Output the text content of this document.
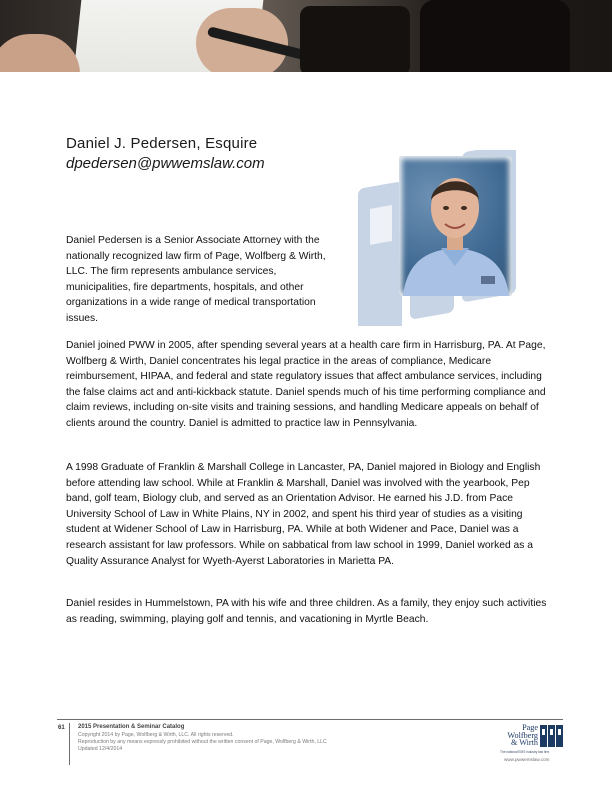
Daniel J. Pedersen, Esquire
dpedersen@pwwemslaw.com

Daniel Pedersen is a Senior Associate Attorney with the nationally recognized law firm of Page, Wolfberg & Wirth, LLC. The firm represents ambulance services, municipalities, fire departments, hospitals, and other organizations in a wide range of medical transportation issues.

Daniel joined PWW in 2005, after spending several years at a health care firm in Harrisburg, PA. At Page, Wolfberg & Wirth, Daniel concentrates his legal practice in the areas of compliance, Medicare reimbursement, HIPAA, and federal and state regulatory issues that affect ambulance services, including the false claims act and anti-kickback statute. Daniel spends much of his time performing compliance and claim reviews, including on-site visits and training sessions, and handling Medicare appeals on behalf of clients around the country. Daniel is admitted to practice law in Pennsylvania.

A 1998 Graduate of Franklin & Marshall College in Lancaster, PA, Daniel majored in Biology and English before attending law school. While at Franklin & Marshall, Daniel was involved with the yearbook, Pep band, golf team, Biology club, and served as an Orientation Advisor. He earned his J.D. from Pace University School of Law in White Plains, NY in 2002, and spent his third year of studies as a visiting student at Widener School of Law in Harrisburg, PA. While at both Widener and Pace, Daniel was a research assistant for law professors. While on sabbatical from law school in 1999, Daniel worked as a Quality Assurance Analyst for Wyeth-Ayerst Laboratories in Marietta PA.

Daniel resides in Hummelstown, PA with his wife and three children. As a family, they enjoy such activities as reading, swimming, playing golf and tennis, and vacationing in Myrtle Beach.

61 2015 Presentation & Seminar Catalog
Copyright 2014 by Page, Wolfberg & Wirth, LLC. All rights reserved.
Reproduction by any means expressly prohibited without the written consent of Page, Wolfberg & Wirth, LLC
Updated 12/4/2014
Page
Wolfberg
& Wirth
The national EMS industry law firm
www.pwwemslaw.com
